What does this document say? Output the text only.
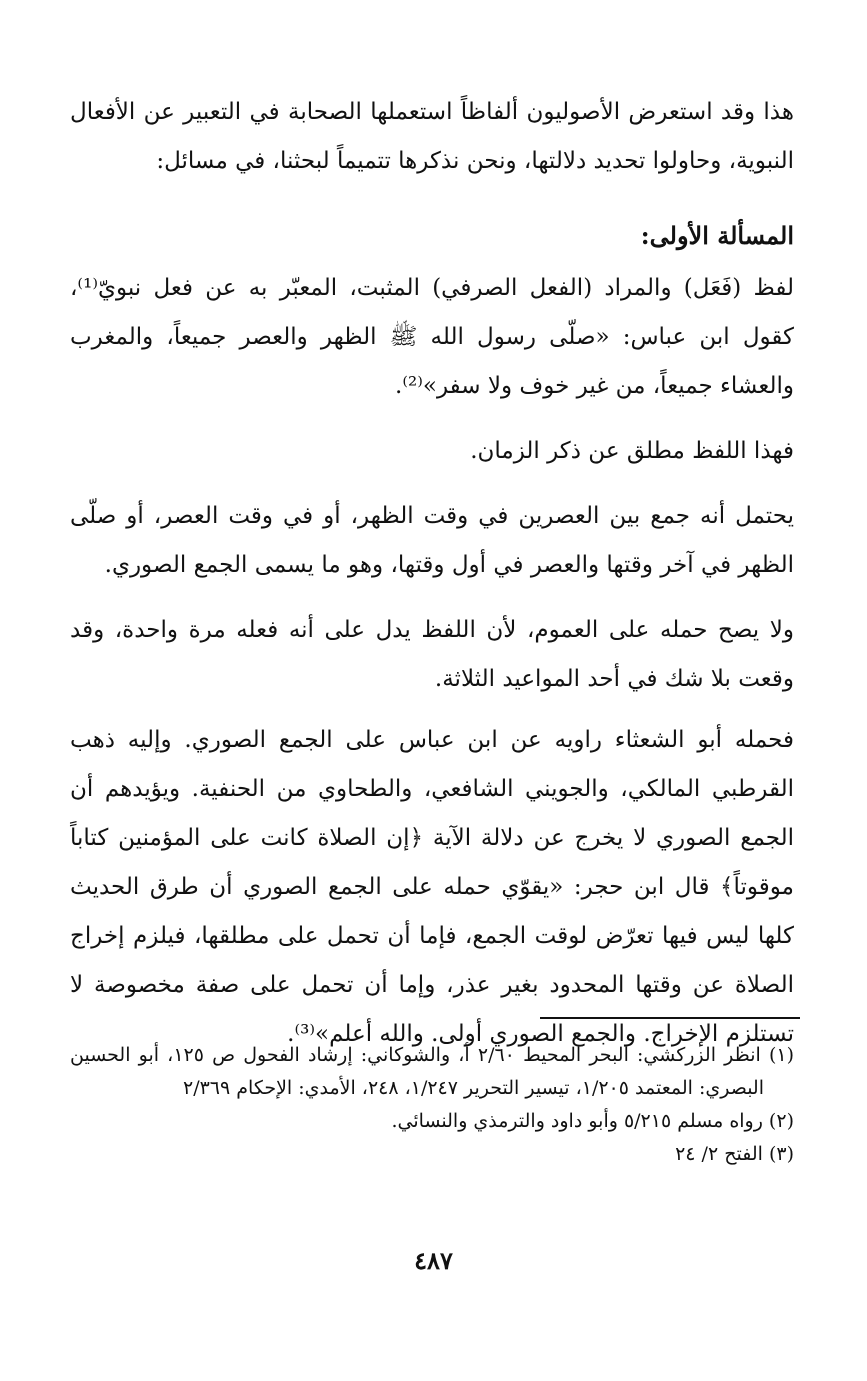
هذا وقد استعرض الأصوليون ألفاظاً استعملها الصحابة في التعبير عن الأفعال النبوية، وحاولوا تحديد دلالتها، ونحن نذكرها تتميماً لبحثنا، في مسائل:

المسألة الأولى:

لفظ (فَعَل) والمراد (الفعل الصرفي) المثبت، المعبّر به عن فعل نبويّ⁽¹⁾، كقول ابن عباس: «صلّى رسول الله ﷺ الظهر والعصر جميعاً، والمغرب والعشاء جميعاً، من غير خوف ولا سفر»⁽²⁾.

فهذا اللفظ مطلق عن ذكر الزمان.

يحتمل أنه جمع بين العصرين في وقت الظهر، أو في وقت العصر، أو صلّى الظهر في آخر وقتها والعصر في أول وقتها، وهو ما يسمى الجمع الصوري.

ولا يصح حمله على العموم، لأن اللفظ يدل على أنه فعله مرة واحدة، وقد وقعت بلا شك في أحد المواعيد الثلاثة.

فحمله أبو الشعثاء راويه عن ابن عباس على الجمع الصوري. وإليه ذهب القرطبي المالكي، والجويني الشافعي، والطحاوي من الحنفية. ويؤيدهم أن الجمع الصوري لا يخرج عن دلالة الآية ﴿إن الصلاة كانت على المؤمنين كتاباً موقوتاً﴾ قال ابن حجر: «يقوّي حمله على الجمع الصوري أن طرق الحديث كلها ليس فيها تعرّض لوقت الجمع، فإما أن تحمل على مطلقها، فيلزم إخراج الصلاة عن وقتها المحدود بغير عذر، وإما أن تحمل على صفة مخصوصة لا تستلزم الإخراج. والجمع الصوري أولى. والله أعلم»⁽³⁾.

(١) انظر الزركشي: البحر المحيط ٢/٦٠ أ، والشوكاني: إرشاد الفحول ص ١٢٥، أبو الحسين البصري: المعتمد ١/٢٠٥، تيسير التحرير ١/٢٤٧، ٢٤٨، الأمدي: الإحكام ٢/٣٦٩

(٢) رواه مسلم ٥/٢١٥ وأبو داود والترمذي والنسائي.

(٣) الفتح ٢/ ٢٤

٤٨٧
